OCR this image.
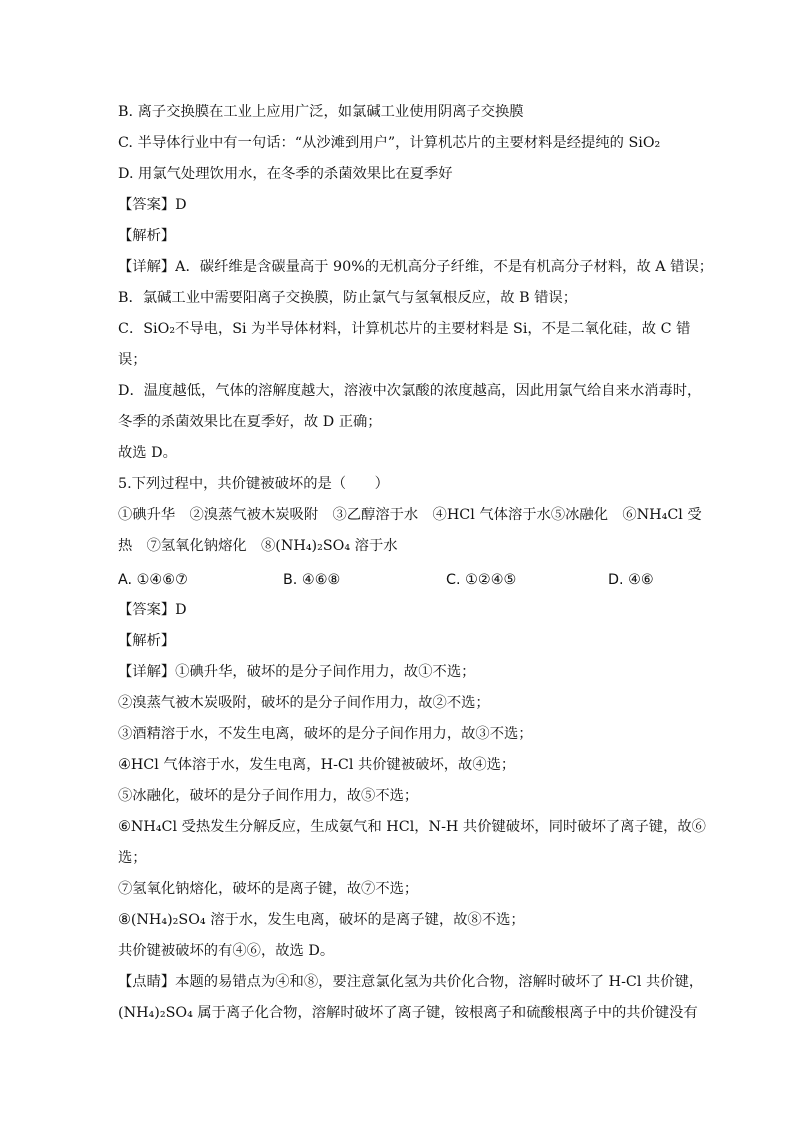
B. 离子交换膜在工业上应用广泛，如氯碱工业使用阴离子交换膜
C. 半导体行业中有一句话：“从沙滩到用户”，计算机芯片的主要材料是经提纯的 SiO₂
D. 用氯气处理饮用水，在冬季的杀菌效果比在夏季好
【答案】D
【解析】
【详解】A．碳纤维是含碳量高于 90%的无机高分子纤维，不是有机高分子材料，故 A 错误；
B．氯碱工业中需要阳离子交换膜，防止氯气与氢氧根反应，故 B 错误；
C．SiO₂不导电，Si 为半导体材料，计算机芯片的主要材料是 Si，不是二氧化硅，故 C 错
误；
D．温度越低，气体的溶解度越大，溶液中次氯酸的浓度越高，因此用氯气给自来水消毒时，
冬季的杀菌效果比在夏季好，故 D 正确；
故选 D。
5.下列过程中，共价键被破坏的是（　　）
①碘升华　②溴蒸气被木炭吸附　③乙醇溶于水　④HCl 气体溶于水⑤冰融化　⑥NH₄Cl 受
热　⑦氢氧化钠熔化　⑧(NH₄)₂SO₄ 溶于水
A. ①④⑥⑦	B. ④⑥⑧	C. ①②④⑤	D. ④⑥
【答案】D
【解析】
【详解】①碘升华，破坏的是分子间作用力，故①不选；
②溴蒸气被木炭吸附，破坏的是分子间作用力，故②不选；
③酒精溶于水，不发生电离，破坏的是分子间作用力，故③不选；
④HCl 气体溶于水，发生电离，H-Cl 共价键被破坏，故④选；
⑤冰融化，破坏的是分子间作用力，故⑤不选；
⑥NH₄Cl 受热发生分解反应，生成氨气和 HCl，N-H 共价键破坏，同时破坏了离子键，故⑥
选；
⑦氢氧化钠熔化，破坏的是离子键，故⑦不选；
⑧(NH₄)₂SO₄ 溶于水，发生电离，破坏的是离子键，故⑧不选；
共价键被破坏的有④⑥，故选 D。
【点睛】本题的易错点为④和⑧，要注意氯化氢为共价化合物，溶解时破坏了 H-Cl 共价键，
(NH₄)₂SO₄ 属于离子化合物，溶解时破坏了离子键，铵根离子和硫酸根离子中的共价键没有
